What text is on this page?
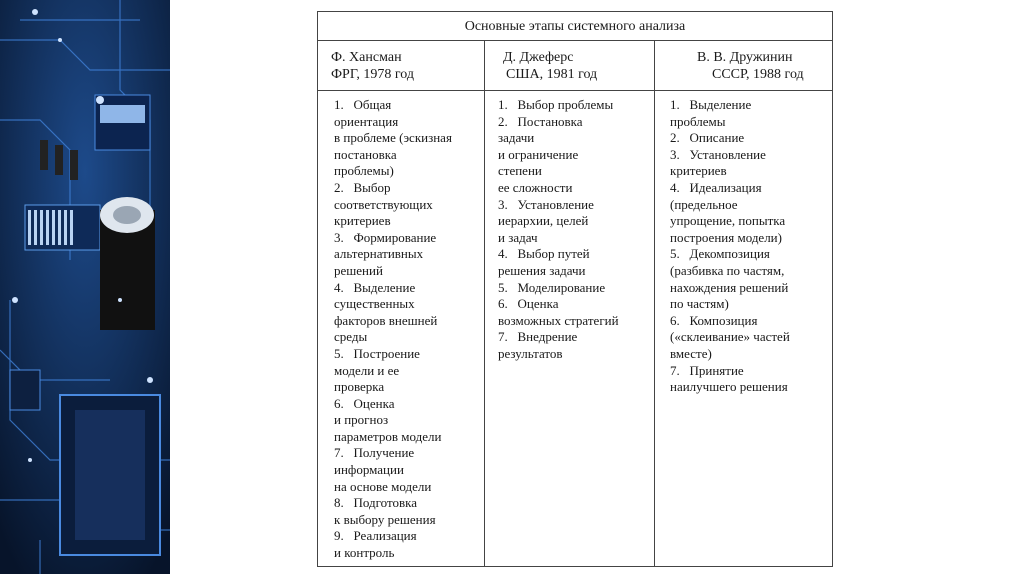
Основные этапы системного анализа
Ф. Хансман
ФРГ, 1978 год
1.   Общая
ориентация
в проблеме (эскизная
постановка
проблемы)
2.   Выбор
соответствующих
критериев
3.   Формирование
альтернативных
решений
4.   Выделение
существенных
факторов внешней
среды
5.   Построение
модели и ее
проверка
6.   Оценка
и прогноз
параметров модели
7.   Получение
информации
на основе модели
8.   Подготовка
к выбору решения
9.   Реализация
и контроль
Д. Джеферс
США, 1981 год
1.   Выбор проблемы
2.   Постановка
задачи
и ограничение
степени
ее сложности
3.   Установление
иерархии, целей
и задач
4.   Выбор путей
решения задачи
5.   Моделирование
6.   Оценка
возможных стратегий
7.   Внедрение
результатов
В. В. Дружинин
СССР, 1988 год
1.   Выделение
проблемы
2.   Описание
3.   Установление
критериев
4.   Идеализация
(предельное
упрощение, попытка
построения модели)
5.   Декомпозиция
(разбивка по частям,
нахождения решений
по частям)
6.   Композиция
(«склеивание» частей
вместе)
7.   Принятие
наилучшего решения
